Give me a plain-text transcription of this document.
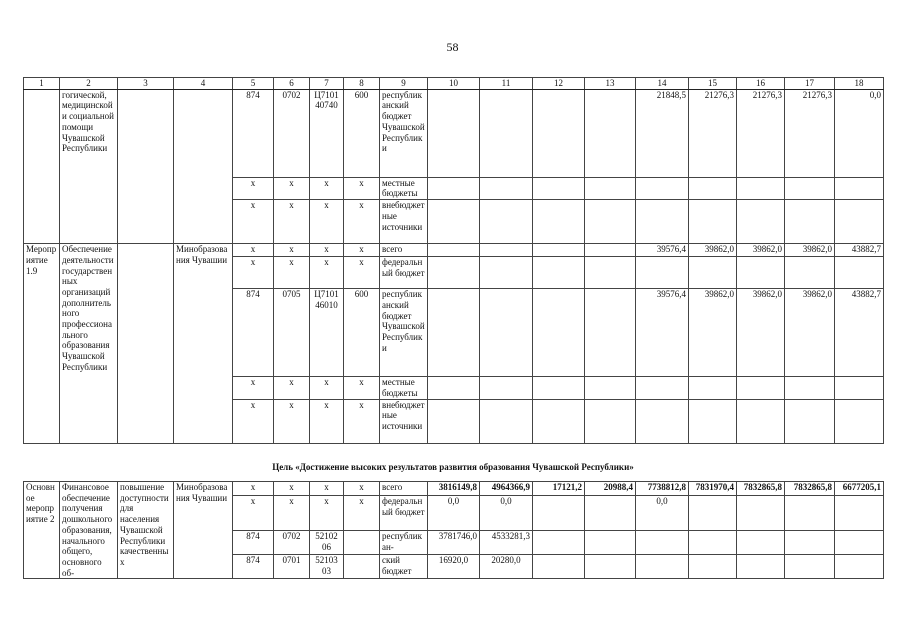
58
1	2	3	4	5	6	7	8	9	10	11	12	13	14	15	16	17	18
	гогической, медицинской и социальной помощи Чувашской Республики			874	0702	Ц7101 40740	600	республиканский бюджет Чувашской Республики					21848,5	21276,3	21276,3	21276,3	0,0
				x	x	x	x	местные бюджеты									
				x	x	x	x	внебюджетные источники									
Мероприятие 1.9	Обеспечение деятельности государственных организаций дополнительного профессионального образования Чувашской Республики		Минобразования Чувашии	x	x	x	x	всего					39576,4	39862,0	39862,0	39862,0	43882,7
				x	x	x	x	федеральный бюджет									
				874	0705	Ц7101 46010	600	республиканский бюджет Чувашской Республики					39576,4	39862,0	39862,0	39862,0	43882,7
				x	x	x	x	местные бюджеты									
				x	x	x	x	внебюджетные источники									
Цель «Достижение высоких результатов развития образования Чувашской Республики»
Основное мероприятие 2	Финансовое обеспечение получения дошкольного образования, начального общего, основного об-	повышение доступности для населения Чувашской Республики качественных	Минобразования Чувашии	x	x	x	x	всего	3816149,8	4964366,9	17121,2	20988,4	7738812,8	7831970,4	7832865,8	7832865,8	6677205,1
				x	x	x	x	федеральный бюджет	0,0	0,0			0,0				
				874	0702	52102 06		республикан-	3781746,0	4533281,3							
				874	0701	52103 03		ский бюджет	16920,0	20280,0							
